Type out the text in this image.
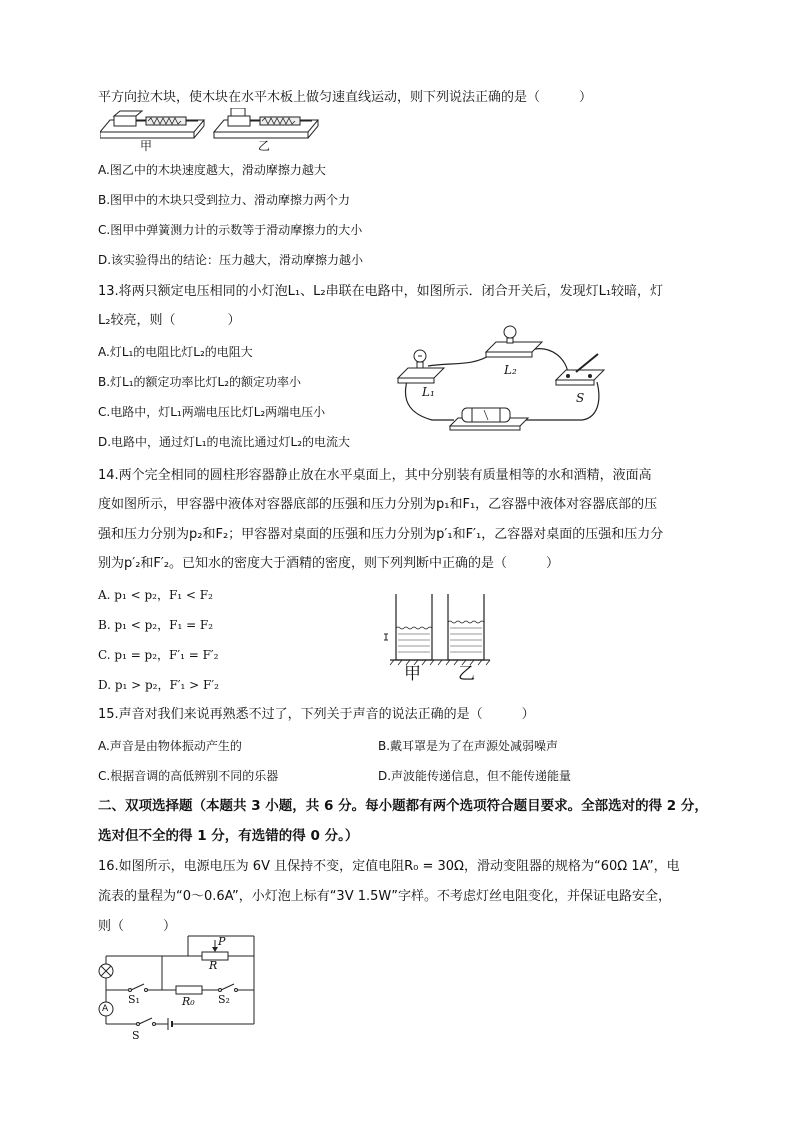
平方向拉木块，使木块在水平木板上做匀速直线运动，则下列说法正确的是（　　　）
甲	乙
A.图乙中的木块速度越大，滑动摩擦力越大
B.图甲中的木块只受到拉力、滑动摩擦力两个力
C.图甲中弹簧测力计的示数等于滑动摩擦力的大小
D.该实验得出的结论：压力越大，滑动摩擦力越小
13.将两只额定电压相同的小灯泡L₁、L₂串联在电路中，如图所示．闭合开关后，发现灯L₁较暗，灯
L₂较亮，则（　　　　）
A.灯L₁的电阻比灯L₂的电阻大
B.灯L₁的额定功率比灯L₂的额定功率小
C.电路中，灯L₁两端电压比灯L₂两端电压小
D.电路中，通过灯L₁的电流比通过灯L₂的电流大
L₁
L₂
S
14.两个完全相同的圆柱形容器静止放在水平桌面上，其中分别装有质量相等的水和酒精，液面高
度如图所示，甲容器中液体对容器底部的压强和压力分别为p₁和F₁，乙容器中液体对容器底部的压
强和压力分别为p₂和F₂；甲容器对桌面的压强和压力分别为p′₁和F′₁，乙容器对桌面的压强和压力分
别为p′₂和F′₂。已知水的密度大于酒精的密度，则下列判断中正确的是（　　　）
A. p₁ < p₂，F₁ < F₂
B. p₁ < p₂，F₁ = F₂
C. p₁ = p₂，F′₁ = F′₂
D. p₁ > p₂，F′₁ > F′₂
甲 乙
15.声音对我们来说再熟悉不过了，下列关于声音的说法正确的是（　　　）
A.声音是由物体振动产生的	B.戴耳罩是为了在声源处减弱噪声
C.根据音调的高低辨别不同的乐器	D.声波能传递信息，但不能传递能量
二、双项选择题（本题共 3 小题，共 6 分。每小题都有两个选项符合题目要求。全部选对的得 2 分，
选对但不全的得 1 分，有选错的得 0 分。）
16.如图所示，电源电压为 6V 且保持不变，定值电阻R₀ = 30Ω，滑动变阻器的规格为“60Ω 1A”，电
流表的量程为“0～0.6A”，小灯泡上标有“3V 1.5W”字样。不考虑灯丝电阻变化，并保证电路安全，
则（　　　）
P
R
S₁	R₀ S₂
A
S
